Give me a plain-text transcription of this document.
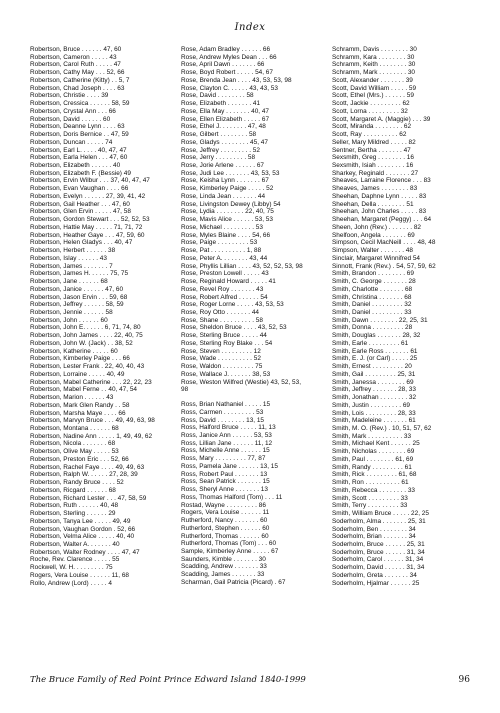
Index
Robertson, Bruce . . . . . . 47, 60
Robertson, Cameron . . . . . 43
Robertson, Carol Ruth . . . . . 47
Robertson, Cathy May . . . 52, 66
Robertson, Catherine (Kitty) . . 5, 7
Robertson, Chad Joseph . . . . 63
Robertson, Christie . . . . 39
Robertson, Cressica . . . . . . 58, 59
Robertson, Crystal Ann . . . 66
Robertson, David . . . . . . 60
Robertson, Deanne Lynn . . . . 63
Robertson, Doris Bernice . . 47, 59
Robertson, Duncan . . . . . 74
Robertson, Earl L. . . . . 40, 47, 47
Robertson, Earla Helen . . . 47, 60
Robertson, Elizabeth . . . . . . 40
Robertson, Elizabeth F. (Bessie) 49
Robertson, Ervin Wilbur . . . 37, 40, 47, 47
Robertson, Evan Vaughan . . . . 66
Robertson, Evelyn . . . . . . 27, 39, 41, 42
Robertson, Gail Heather . . . 47, 60
Robertson, Glen Ervin . . . . . 47, 58
Robertson, Gordon Stewart . . . 52, 52, 53
Robertson, Hattie May . . . . . 71, 71, 72
Robertson, Heather Gaye . . . 47, 59, 60
Robertson, Helen Gladys . . . 40, 47
Robertson, Herbert . . . . . . 38
Robertson, Islay . . . . . . 43
Robertson, James . . . . . . . 7
Robertson, James H. . . . . . 75, 75
Robertson, Jane . . . . . . 68
Robertson, Janice . . . . . . 47, 60
Robertson, Jason Ervin . . . 59, 68
Robertson, Jeffrey . . . . . . 58, 59
Robertson, Jennie . . . . . . 58
Robertson, John . . . . . . 60
Robertson, John E. . . . . . 6, 71, 74, 80
Robertson, John James . . . . 22, 40, 75
Robertson, John W. (Jack) . . 38, 52
Robertson, Katherine . . . . . 60
Robertson, Kimberley Paige . . . 66
Robertson, Lester Frank . 22, 40, 40, 43
Robertson, Lorraine . . . . . 40, 49
Robertson, Mabel Catherine . . . 22, 22, 23
Robertson, Mabel Ferne . . 40, 47, 54
Robertson, Marion . . . . . . 43
Robertson, Mark Glen Randy . . 58
Robertson, Marsha Maye . . . . 66
Robertson, Marvyn Bruce . . . 49, 49, 63, 98
Robertson, Montana . . . . . . 68
Robertson, Nadine Ann . . . . . 1, 49, 49, 62
Robertson, Nicola . . . . . . . 68
Robertson, Olive May . . . . . 53
Robertson, Preston Eric . . . 52, 66
Robertson, Rachel Faye . . . . 49, 49, 63
Robertson, Ralph W. . . . . . 27, 28, 39
Robertson, Randy Bruce . . . . 52
Robertson, Ricgard . . . . . . 68
Robertson, Richard Lester . . . 47, 58, 59
Robertson, Ruth . . . . . . 40, 48
Robertson, Sterling . . . . . . 29
Robertson, Tanya Lee . . . . . 49, 49
Robertson, Vaughan Gordon . 52, 66
Robertson, Velma Alice . . . . . 40, 40
Robertson, Walter A. . . . . . . 40
Robertson, Walter Rodney . . . . 47, 47
Roche, Rev. Clarence . . . . . 55
Rockwell, W. H. . . . . . . . . 75
Rogers, Vera Louise . . . . . . 11, 68
Rollo, Andrew (Lord) . . . . . 4
Rose, Adam Bradley . . . . . . 66
Rose, Andrew Myles Dean . . . 66
Rose, April Dawn . . . . . . . 66
Rose, Boyd Robert . . . . . 54, 67
Rose, Brenda Jean . . . . 43, 53, 53, 98
Rose, Clayton C. . . . . . 43, 43, 53
Rose, David . . . . . . . . 58
Rose, Elizabeth . . . . . . . 41
Rose, Ella May . . . . . . . 40, 47
Rose, Ellen Elizabeth . . . . . 67
Rose, Ethel J. . . . . . . . 47, 48
Rose, Gilbert . . . . . . . . 58
Rose, Gladys . . . . . . . . 45, 47
Rose, Jeffrey . . . . . . . . . 52
Rose, Jerry . . . . . . . . . 58
Rose, Jorie Arlene . . . . . . 67
Rose, Judi Lee . . . . . . . 43, 53, 53
Rose, Keisha Lynn . . . . . . . 67
Rose, Kimberley Paige . . . . . 52
Rose, Linda Jean . . . . . . . 44
Rose, Livingston Dewey (Libby) 54
Rose, Lydia . . . . . . . . 22, 40, 75
Rose, Mavis Alice . . . . . . 53, 53
Rose, Michael . . . . . . . . . 53
Rose, Myles Blaine . . . . 54, 66
Rose, Paige . . . . . . . . . 53
Rose, Pat . . . . . . . . . . 1, 88
Rose, Peter A. . . . . . . . 43, 44
Rose, Phyllis Lillian . . . . 43, 52, 52, 53, 98
Rose, Preston Lowell . . . . . 43
Rose, Reginald Howard . . . . . 41
Rose, Revel Roy . . . . . . . 43
Rose, Robert Alfred . . . . . . 54
Rose, Roger Lorne . . . . . 43, 53, 53
Rose, Roy Otto . . . . . . . 44
Rose, Shane . . . . . . . . . . 58
Rose, Sheldon Bruce . . . . 43, 52, 53
Rose, Sterling Bruce . . . . . 44
Rose, Sterling Roy Blake . . . 54
Rose, Steven . . . . . . . . . 12
Rose, Wade . . . . . . . . . . 52
Rose, Waldon . . . . . . . . . 75
Rose, Wallace J. . . . . . . 38, 53
Rose, Weston Wilfred (Westie) 43, 52, 53,
98
Ross, Brian Nathaniel . . . . . 15
Ross, Carmen . . . . . . . . . 53
Ross, David . . . . . . . . 13, 15
Ross, Halford Bruce . . . . . 11, 13
Ross, Janice Ann . . . . . . 53, 53
Ross, Lillian Jane . . . . . . 11, 12
Ross, Michelle Anne . . . . . . 15
Ross, Mary . . . . . . . . . 77, 87
Ross, Pamela Jane . . . . . . 13, 15
Ross, Robert Paul . . . . . . . 13
Ross, Sean Patrick . . . . . . . 15
Ross, Sheryl Anne . . . . . . . 13
Ross, Thomas Halford (Tom) . . . 11
Rostad, Wayne . . . . . . . . . 86
Rogers, Vera Louise . . . . . . 11
Rutherford, Nancy . . . . . . . 60
Rutherford, Stephen . . . . . . 60
Rutherford, Thomas . . . . . . 60
Rutherford, Thomas (Tom) . . . 60
Sample, Kimberley Anne . . . . . 67
Saunders, Kimble . . . . . . . 30
Scadding, Andrew . . . . . . . 33
Scadding, James . . . . . . . 33
Scharman, Gail Patricia (Picard) . 67
Schramm, Davis . . . . . . . . 30
Schramm, Kara . . . . . . . . 30
Schramm, Keith . . . . . . . . 30
Schramm, Mark . . . . . . . . 30
Scott, Alexander . . . . . . . 39
Scott, David William . . . . . 59
Scott, Ethel (Mrs.) . . . . . . 59
Scott, Jackie . . . . . . . . . 62
Scott, Lorna . . . . . . . . . 32
Scott, Margaret A. (Maggie) . . . 39
Scott, Miranda . . . . . . . . 62
Scott, Ray . . . . . . . . . . 62
Seller, Mary Mildred . . . . . 82
Sentner, Bertha . . . . . . . 47
Sexsmith, Greg . . . . . . . . 16
Sexsmith, Isiah . . . . . . . . 16
Sharkey, Reginald . . . . . . . 27
Sheaves, Larraine Florence . . . 83
Sheaves, James . . . . . . . . 83
Sheehan, Daphne Lynn . . . . . 83
Sheehan, Della . . . . . . . . 51
Sheehan, John Charles . . . . . 83
Sheehan, Margaret (Peggy) . . . 64
Sheen, John (Rev.) . . . . . . . 82
Shelfoon, Angela . . . . . . . 69
Simpson, Cecil MacNeill . . . . 48, 48
Simpson, Walter . . . . . . . 48
Sinclair, Margaret Winnifred 54
Sinnott, Frank (Rev.) . 54, 57, 59, 62
Smith, Brandon . . . . . . . . 69
Smith, C. George . . . . . . . 28
Smith, Charlotte . . . . . . . 68
Smith, Christina . . . . . . . 68
Smith, Daniel . . . . . . . . . 32
Smith, Daniel . . . . . . . . . 33
Smith, Dawn . . . . . . . . 22, 25, 31
Smith, Donna . . . . . . . . . 28
Smith, Douglas . . . . . . . 28, 32
Smith, Earle . . . . . . . . . 61
Smith, Earle Ross . . . . . . . 61
Smith, E. J. (or Carl) . . . . . 25
Smith, Ernest . . . . . . . . . 20
Smith, Gail . . . . . . . . . 25, 31
Smith, Janessa . . . . . . . . 69
Smith, Jeffrey . . . . . . . 28, 33
Smith, Jonathan . . . . . . . . 32
Smith, Justin . . . . . . . . . 69
Smith, Lois . . . . . . . . . 28, 33
Smith, Madeleine . . . . . . . 61
Smith, M. O. (Rev.) . 10, 51, 57, 62
Smith, Mark . . . . . . . . . . 33
Smith, Michael Kent . . . . . . 25
Smith, Nicholas . . . . . . . . 69
Smith, Paul . . . . . . . . 61, 69
Smith, Randy . . . . . . . . . 61
Smith, Rick . . . . . . . . . 61, 68
Smith, Ron . . . . . . . . . . 61
Smith, Rebecca . . . . . . . . 33
Smith, Scott . . . . . . . . . 33
Smith, Terry . . . . . . . . . 33
Smith, William Bruce . . . . . 22, 25
Soderholm, Alma . . . . . . . 25, 31
Soderholm, Ben . . . . . . . . 34
Soderholm, Brian . . . . . . . 34
Soderholm, Bruce . . . . . . 25, 31
Soderholm, Bruce . . . . . . 31, 34
Soderholm, Carol . . . . . . 31, 34
Soderholm, David . . . . . . 31, 34
Soderholm, Greta . . . . . . . 34
Soderholm, Hjalmar . . . . . . 25
The Bruce Family of Red Point Prince Edward Island 1840-1999	96
